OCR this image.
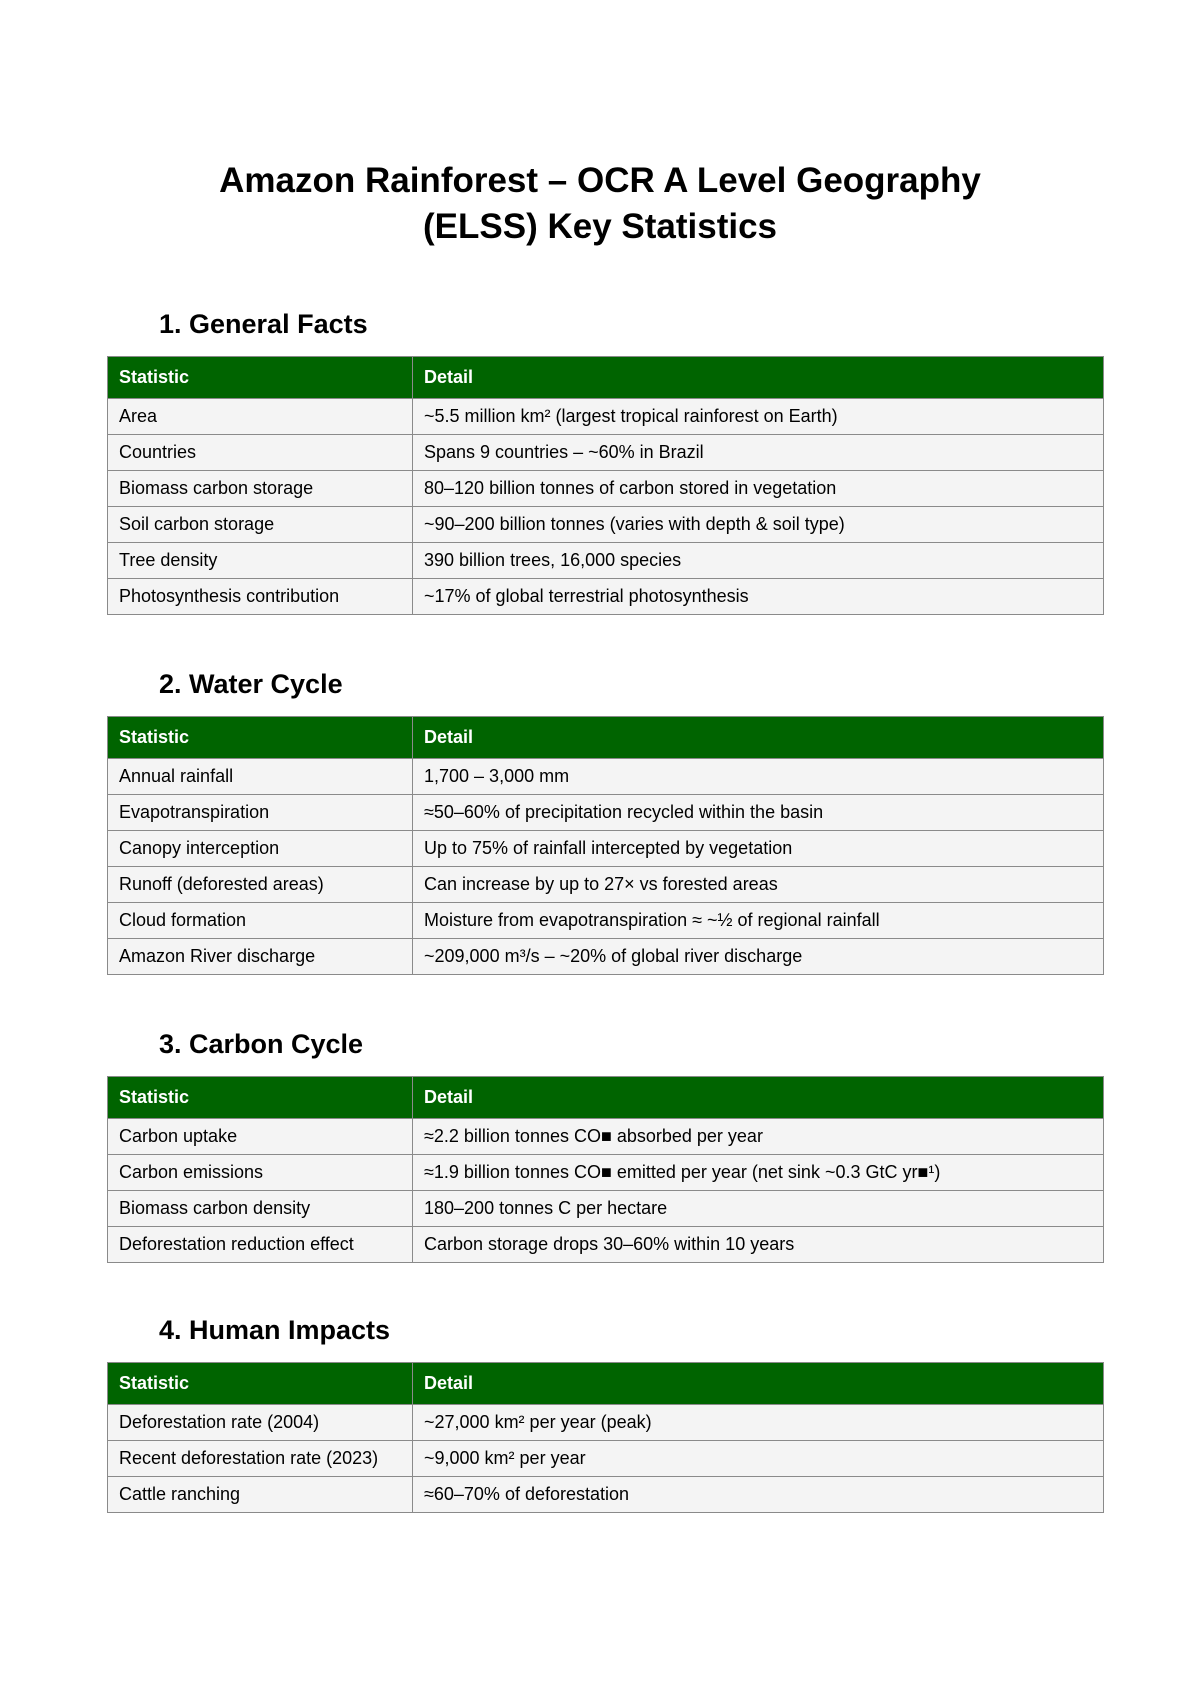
Amazon Rainforest – OCR A Level Geography
(ELSS) Key Statistics
1. General Facts
Statistic	Detail
Area	~5.5 million km² (largest tropical rainforest on Earth)
Countries	Spans 9 countries – ~60% in Brazil
Biomass carbon storage	80–120 billion tonnes of carbon stored in vegetation
Soil carbon storage	~90–200 billion tonnes (varies with depth & soil type)
Tree density	390 billion trees, 16,000 species
Photosynthesis contribution	~17% of global terrestrial photosynthesis
2. Water Cycle
Statistic	Detail
Annual rainfall	1,700 – 3,000 mm
Evapotranspiration	≈50–60% of precipitation recycled within the basin
Canopy interception	Up to 75% of rainfall intercepted by vegetation
Runoff (deforested areas)	Can increase by up to 27× vs forested areas
Cloud formation	Moisture from evapotranspiration ≈ ~½ of regional rainfall
Amazon River discharge	~209,000 m³/s – ~20% of global river discharge
3. Carbon Cycle
Statistic	Detail
Carbon uptake	≈2.2 billion tonnes CO■ absorbed per year
Carbon emissions	≈1.9 billion tonnes CO■ emitted per year (net sink ~0.3 GtC yr■¹)
Biomass carbon density	180–200 tonnes C per hectare
Deforestation reduction effect	Carbon storage drops 30–60% within 10 years
4. Human Impacts
Statistic	Detail
Deforestation rate (2004)	~27,000 km² per year (peak)
Recent deforestation rate (2023)	~9,000 km² per year
Cattle ranching	≈60–70% of deforestation
